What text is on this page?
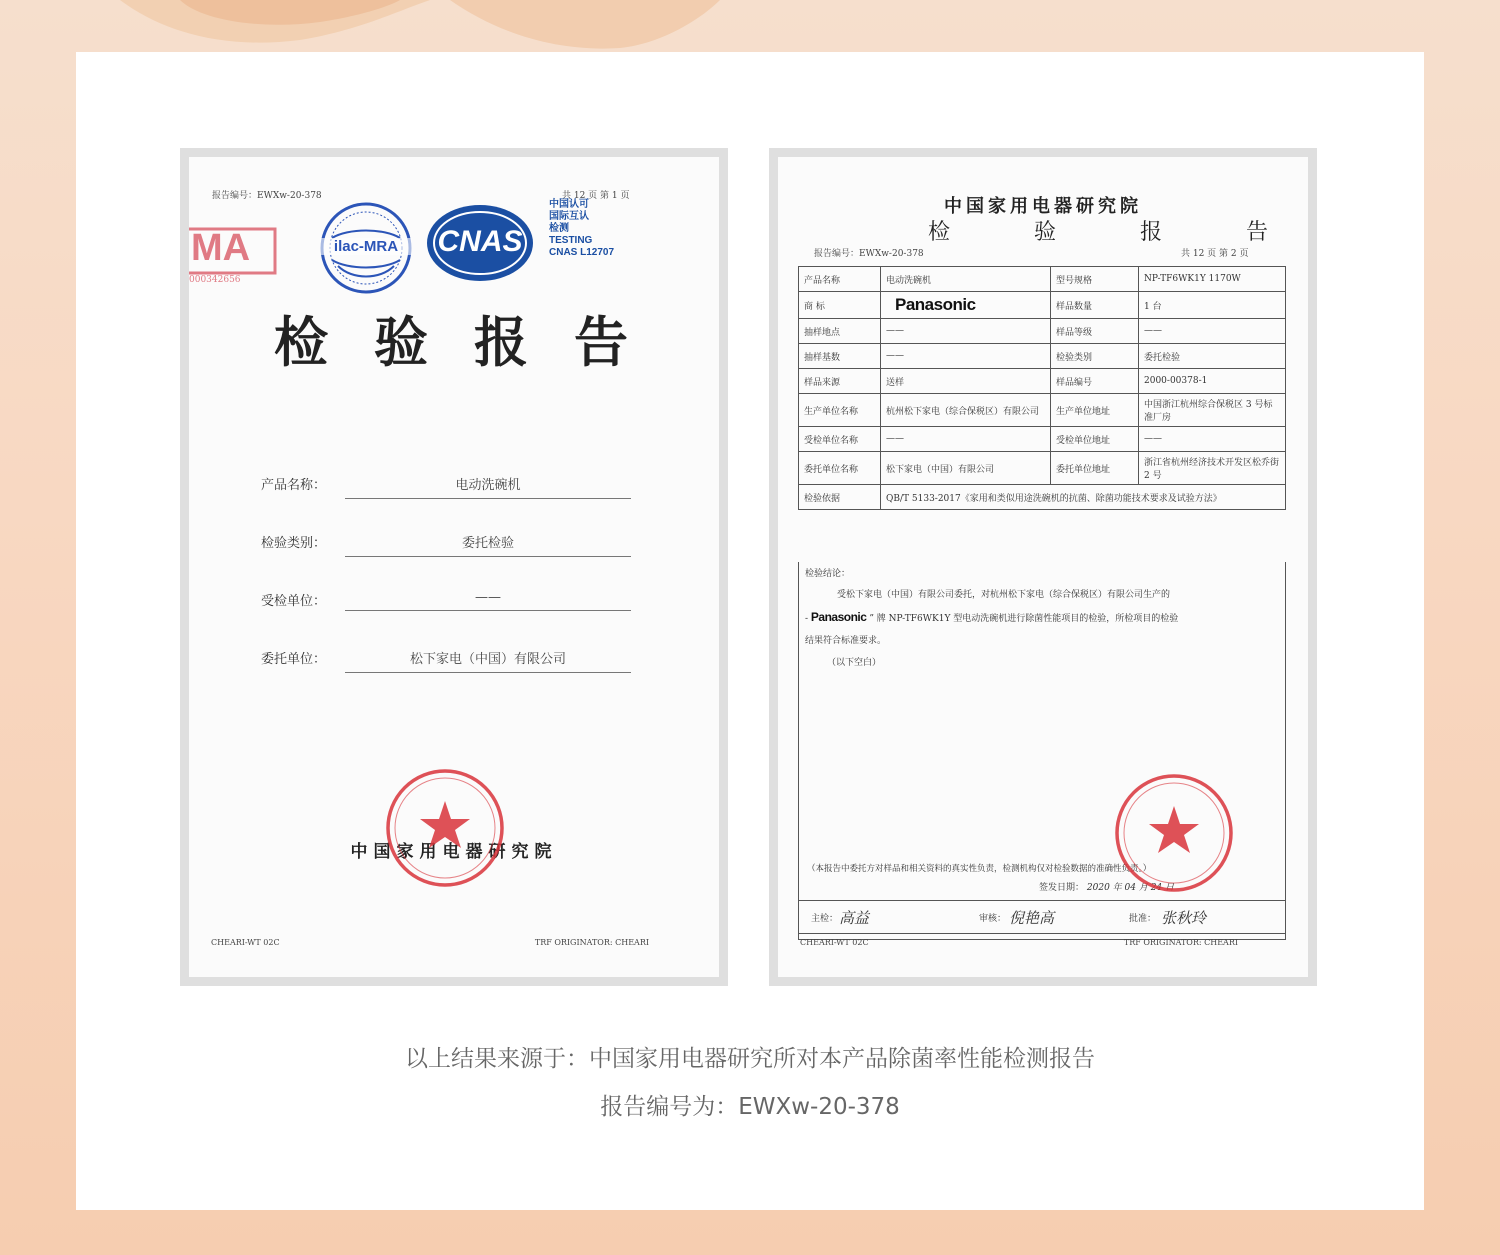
报告编号：EWXw-20-378	共 12 页 第 1 页
MA
000342656
ilac-MRA	CNAS
中国认可
国际互认
检测
TESTING
CNAS L12707
检验报告
产品名称：	电动洗碗机
检验类别：	委托检验
受检单位：	——
委托单位：	松下家电（中国）有限公司
中国家用电器研究院
CHEARI-WT 02C	TRF ORIGINATOR: CHEARI
中国家用电器研究院
检	验	报	告
报告编号：EWXw-20-378	共 12 页 第 2 页
产品名称	电动洗碗机	型号规格	NP-TF6WK1Y 1170W
商 标	Panasonic	样品数量	1 台
抽样地点	——	样品等级	——
抽样基数	——	检验类别	委托检验
样品来源	送样	样品编号	2000-00378-1
生产单位名称	杭州松下家电（综合保税区）有限公司	生产单位地址	中国浙江杭州综合保税区 3 号标准厂房
受检单位名称	——	受检单位地址	——
委托单位名称	松下家电（中国）有限公司	委托单位地址	浙江省杭州经济技术开发区松乔街 2 号
检验依据	QB/T 5133-2017《家用和类似用途洗碗机的抗菌、除菌功能技术要求及试验方法》		
检验结论：
受松下家电（中国）有限公司委托，对杭州松下家电（综合保税区）有限公司生产的
- Panasonic ” 牌 NP-TF6WK1Y 型电动洗碗机进行除菌性能项目的检验，所检项目的检验
结果符合标准要求。
（以下空白）
（本报告中委托方对样品和相关资料的真实性负责，检测机构仅对检验数据的准确性负责。）
签发日期： 2020 年 04 月 24 日
主检： 高益	审核： 倪艳高	批准： 张秋玲
CHEARI-WT 02C	TRF ORIGINATOR: CHEARI
以上结果来源于：中国家用电器研究所对本产品除菌率性能检测报告
报告编号为：EWXw-20-378
